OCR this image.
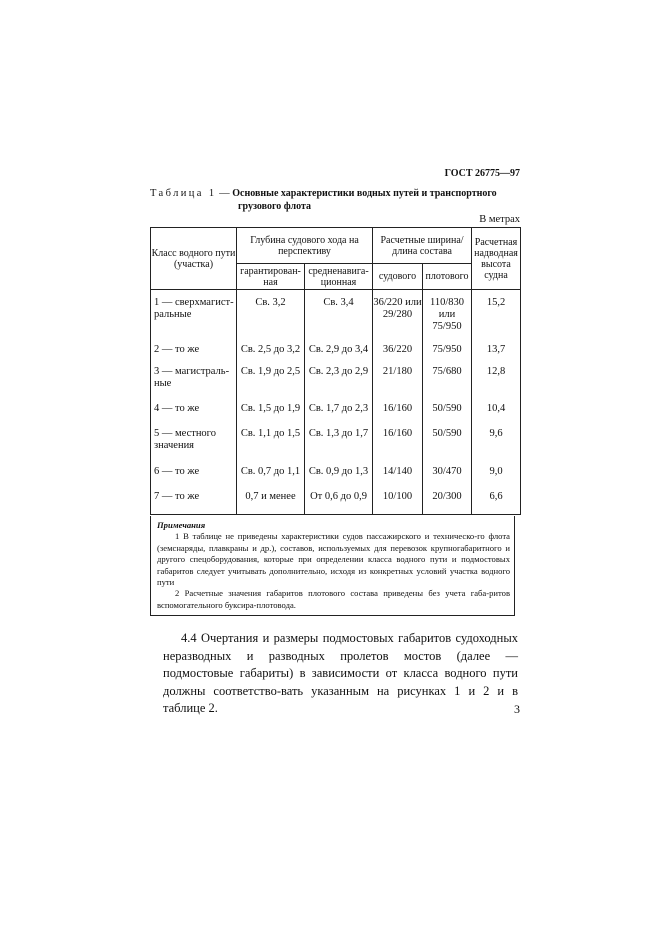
ГОСТ 26775—97
Таблица 1 — Основные характеристики водных путей и транспортного
грузового флота
В метрах
Класс водного пути (участка)	Глубина судового хода на перспективу		Расчетные ширина/длина состава		Расчетная надводная высота судна
	гарантирован-ная	средненавига-ционная	судового	плотового	
1 — сверхмагист-ральные	Св. 3,2	Св. 3,4	36/220 или 29/280	110/830 или 75/950	15,2
2 — то же	Св. 2,5 до 3,2	Св. 2,9 до 3,4	36/220	75/950	13,7
3 — магистраль-ные	Св. 1,9 до 2,5	Св. 2,3 до 2,9	21/180	75/680	12,8
4 — то же	Св. 1,5 до 1,9	Св. 1,7 до 2,3	16/160	50/590	10,4
5 — местного значения	Св. 1,1 до 1,5	Св. 1,3 до 1,7	16/160	50/590	9,6
6 — то же	Св. 0,7 до 1,1	Св. 0,9 до 1,3	14/140	30/470	9,0
7 — то же	0,7 и менее	От 0,6 до 0,9	10/100	20/300	6,6
Примечания

1 В таблице не приведены характеристики судов пассажирского и техническо-го флота (земснаряды, плавкраны и др.), составов, используемых для перевозок крупногабаритного и другого спецоборудования, которые при определении класса водного пути и подмостовых габаритов следует учитывать дополнительно, исходя из конкретных условий участка водного пути

2 Расчетные значения габаритов плотового состава приведены без учета габа-ритов вспомогательного буксира-плотовода.

4.4 Очертания и размеры подмостовых габаритов судоходных неразводных и разводных пролетов мостов (далее — подмостовые габариты) в зависимости от класса водного пути должны соответство-вать указанным на рисунках 1 и 2 и в таблице 2.	3
